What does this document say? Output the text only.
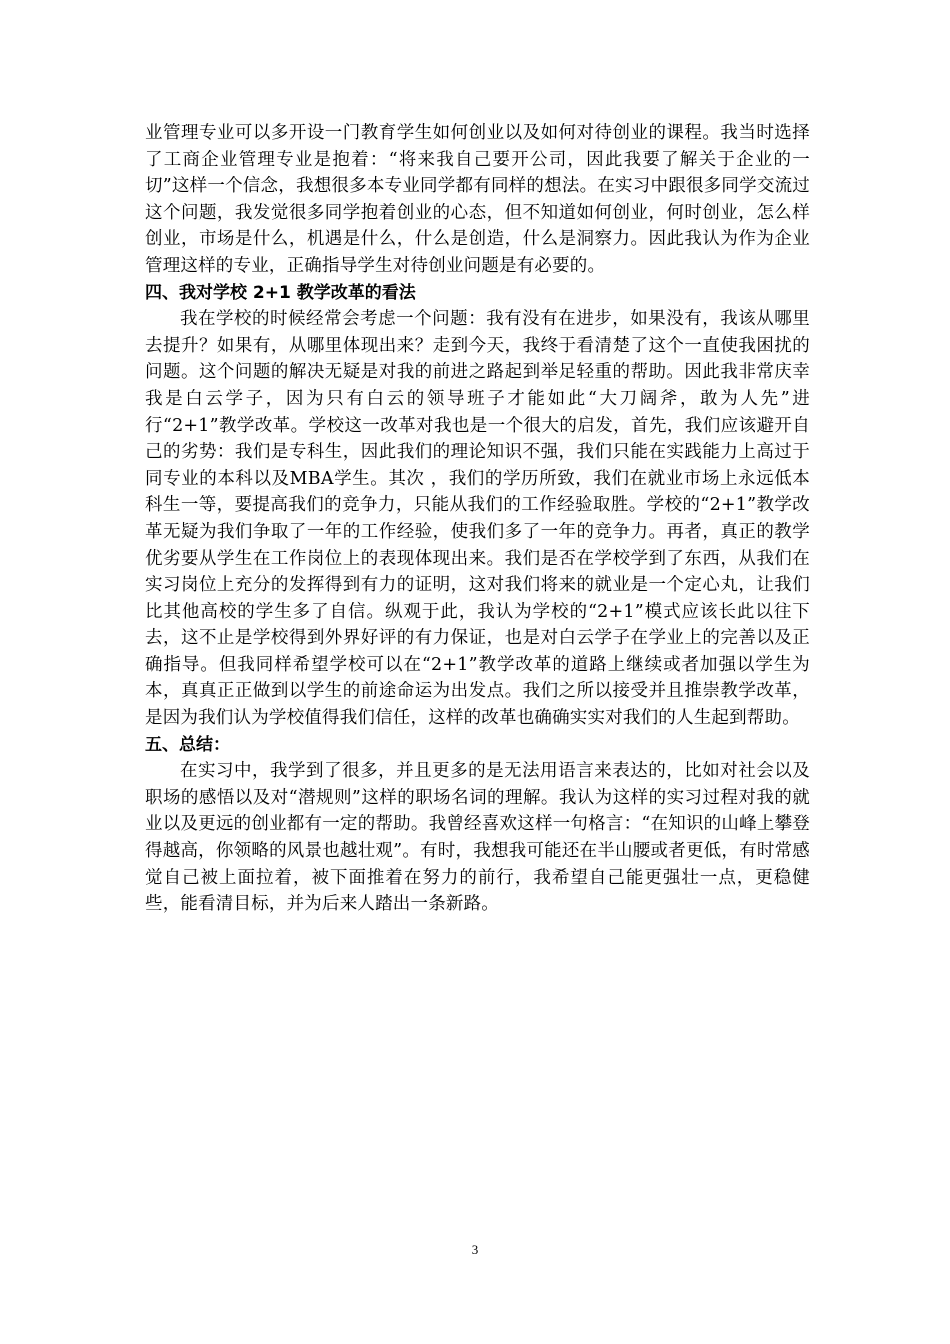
业管理专业可以多开设一门教育学生如何创业以及如何对待创业的课程。我当时选择了工商企业管理专业是抱着：“将来我自己要开公司，因此我要了解关于企业的一切”这样一个信念，我想很多本专业同学都有同样的想法。在实习中跟很多同学交流过这个问题，我发觉很多同学抱着创业的心态，但不知道如何创业，何时创业，怎么样创业，市场是什么，机遇是什么，什么是创造，什么是洞察力。因此我认为作为企业管理这样的专业，正确指导学生对待创业问题是有必要的。

四、我对学校 2+1 教学改革的看法

我在学校的时候经常会考虑一个问题：我有没有在进步，如果没有，我该从哪里去提升？如果有，从哪里体现出来？走到今天，我终于看清楚了这个一直使我困扰的问题。这个问题的解决无疑是对我的前进之路起到举足轻重的帮助。因此我非常庆幸我是白云学子，因为只有白云的领导班子才能如此“大刀阔斧，敢为人先”进行“2+1”教学改革。学校这一改革对我也是一个很大的启发，首先，我们应该避开自己的劣势：我们是专科生，因此我们的理论知识不强，我们只能在实践能力上高过于同专业的本科以及MBA学生。其次 ，我们的学历所致，我们在就业市场上永远低本科生一等，要提高我们的竞争力，只能从我们的工作经验取胜。学校的“2+1”教学改革无疑为我们争取了一年的工作经验，使我们多了一年的竞争力。再者，真正的教学优劣要从学生在工作岗位上的表现体现出来。我们是否在学校学到了东西，从我们在实习岗位上充分的发挥得到有力的证明，这对我们将来的就业是一个定心丸，让我们比其他高校的学生多了自信。纵观于此，我认为学校的“2+1”模式应该长此以往下去，这不止是学校得到外界好评的有力保证，也是对白云学子在学业上的完善以及正确指导。但我同样希望学校可以在“2+1”教学改革的道路上继续或者加强以学生为本，真真正正做到以学生的前途命运为出发点。我们之所以接受并且推崇教学改革，是因为我们认为学校值得我们信任，这样的改革也确确实实对我们的人生起到帮助。

五、总结：

在实习中，我学到了很多，并且更多的是无法用语言来表达的，比如对社会以及职场的感悟以及对“潜规则”这样的职场名词的理解。我认为这样的实习过程对我的就业以及更远的创业都有一定的帮助。我曾经喜欢这样一句格言：“在知识的山峰上攀登得越高，你领略的风景也越壮观”。有时，我想我可能还在半山腰或者更低，有时常感觉自己被上面拉着，被下面推着在努力的前行，我希望自己能更强壮一点，更稳健些，能看清目标，并为后来人踏出一条新路。

3
